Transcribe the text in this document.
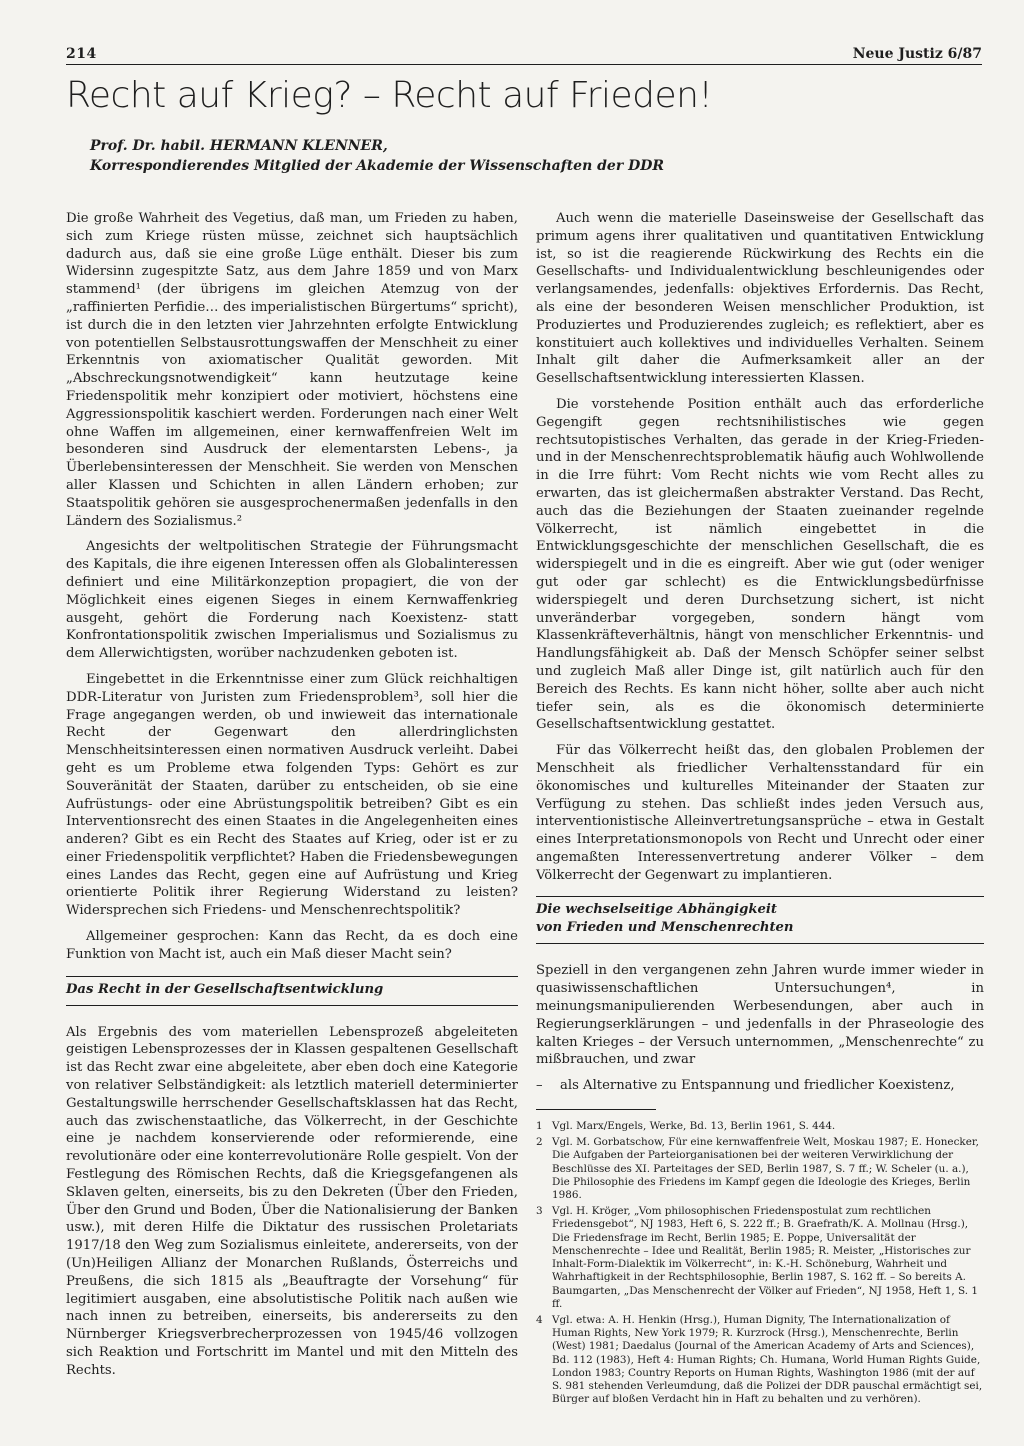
214	Neue Justiz 6/87
Recht auf Krieg? – Recht auf Frieden!
Prof. Dr. habil. HERMANN KLENNER,
Korrespondierendes Mitglied der Akademie der Wissenschaften der DDR

Die große Wahrheit des Vegetius, daß man, um Frieden zu haben, sich zum Kriege rüsten müsse, zeichnet sich hauptsächlich dadurch aus, daß sie eine große Lüge enthält. Dieser bis zum Widersinn zugespitzte Satz, aus dem Jahre 1859 und von Marx stammend¹ (der übrigens im gleichen Atemzug von der „raffinierten Perfidie… des imperialistischen Bürgertums“ spricht), ist durch die in den letzten vier Jahrzehnten erfolgte Entwicklung von potentiellen Selbstausrottungswaffen der Menschheit zu einer Erkenntnis von axiomatischer Qualität geworden. Mit „Abschreckungsnotwendigkeit“ kann heutzutage keine Friedenspolitik mehr konzipiert oder motiviert, höchstens eine Aggressionspolitik kaschiert werden. Forderungen nach einer Welt ohne Waffen im allgemeinen, einer kernwaffenfreien Welt im besonderen sind Ausdruck der elementarsten Lebens-, ja Überlebensinteressen der Menschheit. Sie werden von Menschen aller Klassen und Schichten in allen Ländern erhoben; zur Staatspolitik gehören sie ausgesprochenermaßen jedenfalls in den Ländern des Sozialismus.²

Angesichts der weltpolitischen Strategie der Führungsmacht des Kapitals, die ihre eigenen Interessen offen als Globalinteressen definiert und eine Militärkonzeption propagiert, die von der Möglichkeit eines eigenen Sieges in einem Kernwaffenkrieg ausgeht, gehört die Forderung nach Koexistenz- statt Konfrontationspolitik zwischen Imperialismus und Sozialismus zu dem Allerwichtigsten, worüber nachzudenken geboten ist.

Eingebettet in die Erkenntnisse einer zum Glück reichhaltigen DDR-Literatur von Juristen zum Friedensproblem³, soll hier die Frage angegangen werden, ob und inwieweit das internationale Recht der Gegenwart den allerdringlichsten Menschheitsinteressen einen normativen Ausdruck verleiht. Dabei geht es um Probleme etwa folgenden Typs: Gehört es zur Souveränität der Staaten, darüber zu entscheiden, ob sie eine Aufrüstungs- oder eine Abrüstungspolitik betreiben? Gibt es ein Interventionsrecht des einen Staates in die Angelegenheiten eines anderen? Gibt es ein Recht des Staates auf Krieg, oder ist er zu einer Friedenspolitik verpflichtet? Haben die Friedensbewegungen eines Landes das Recht, gegen eine auf Aufrüstung und Krieg orientierte Politik ihrer Regierung Widerstand zu leisten? Widersprechen sich Friedens- und Menschenrechtspolitik?

Allgemeiner gesprochen: Kann das Recht, da es doch eine Funktion von Macht ist, auch ein Maß dieser Macht sein?

Das Recht in der Gesellschaftsentwicklung

Als Ergebnis des vom materiellen Lebensprozeß abgeleiteten geistigen Lebensprozesses der in Klassen gespaltenen Gesellschaft ist das Recht zwar eine abgeleitete, aber eben doch eine Kategorie von relativer Selbständigkeit: als letztlich materiell determinierter Gestaltungswille herrschender Gesellschaftsklassen hat das Recht, auch das zwischenstaatliche, das Völkerrecht, in der Geschichte eine je nachdem konservierende oder reformierende, eine revolutionäre oder eine konterrevolutionäre Rolle gespielt. Von der Festlegung des Römischen Rechts, daß die Kriegsgefangenen als Sklaven gelten, einerseits, bis zu den Dekreten (Über den Frieden, Über den Grund und Boden, Über die Nationalisierung der Banken usw.), mit deren Hilfe die Diktatur des russischen Proletariats 1917/18 den Weg zum Sozialismus einleitete, andererseits, von der (Un)Heiligen Allianz der Monarchen Rußlands, Österreichs und Preußens, die sich 1815 als „Beauftragte der Vorsehung“ für legitimiert ausgaben, eine absolutistische Politik nach außen wie nach innen zu betreiben, einerseits, bis andererseits zu den Nürnberger Kriegsverbrecherprozessen von 1945/46 vollzogen sich Reaktion und Fortschritt im Mantel und mit den Mitteln des Rechts.

Auch wenn die materielle Daseinsweise der Gesellschaft das primum agens ihrer qualitativen und quantitativen Entwicklung ist, so ist die reagierende Rückwirkung des Rechts ein die Gesellschafts- und Individualentwicklung beschleunigendes oder verlangsamendes, jedenfalls: objektives Erfordernis. Das Recht, als eine der besonderen Weisen menschlicher Produktion, ist Produziertes und Produzierendes zugleich; es reflektiert, aber es konstituiert auch kollektives und individuelles Verhalten. Seinem Inhalt gilt daher die Aufmerksamkeit aller an der Gesellschaftsentwicklung interessierten Klassen.

Die vorstehende Position enthält auch das erforderliche Gegengift gegen rechtsnihilistisches wie gegen rechtsutopistisches Verhalten, das gerade in der Krieg-Frieden- und in der Menschenrechtsproblematik häufig auch Wohlwollende in die Irre führt: Vom Recht nichts wie vom Recht alles zu erwarten, das ist gleichermaßen abstrakter Verstand. Das Recht, auch das die Beziehungen der Staaten zueinander regelnde Völkerrecht, ist nämlich eingebettet in die Entwicklungsgeschichte der menschlichen Gesellschaft, die es widerspiegelt und in die es eingreift. Aber wie gut (oder weniger gut oder gar schlecht) es die Entwicklungsbedürfnisse widerspiegelt und deren Durchsetzung sichert, ist nicht unveränderbar vorgegeben, sondern hängt vom Klassenkräfteverhältnis, hängt von menschlicher Erkenntnis- und Handlungsfähigkeit ab. Daß der Mensch Schöpfer seiner selbst und zugleich Maß aller Dinge ist, gilt natürlich auch für den Bereich des Rechts. Es kann nicht höher, sollte aber auch nicht tiefer sein, als es die ökonomisch determinierte Gesellschaftsentwicklung gestattet.

Für das Völkerrecht heißt das, den globalen Problemen der Menschheit als friedlicher Verhaltensstandard für ein ökonomisches und kulturelles Miteinander der Staaten zur Verfügung zu stehen. Das schließt indes jeden Versuch aus, interventionistische Alleinvertretungsansprüche – etwa in Gestalt eines Interpretationsmonopols von Recht und Unrecht oder einer angemaßten Interessenvertretung anderer Völker – dem Völkerrecht der Gegenwart zu implantieren.

Die wechselseitige Abhängigkeit
von Frieden und Menschenrechten

Speziell in den vergangenen zehn Jahren wurde immer wieder in quasiwissenschaftlichen Untersuchungen⁴, in meinungsmanipulierenden Werbesendungen, aber auch in Regierungserklärungen – und jedenfalls in der Phraseologie des kalten Krieges – der Versuch unternommen, „Menschenrechte“ zu mißbrauchen, und zwar

– als Alternative zu Entspannung und friedlicher Koexistenz,
1 Vgl. Marx/Engels, Werke, Bd. 13, Berlin 1961, S. 444.
2 Vgl. M. Gorbatschow, Für eine kernwaffenfreie Welt, Moskau 1987; E. Honecker, Die Aufgaben der Parteiorganisationen bei der weiteren Verwirklichung der Beschlüsse des XI. Parteitages der SED, Berlin 1987, S. 7 ff.; W. Scheler (u. a.), Die Philosophie des Friedens im Kampf gegen die Ideologie des Krieges, Berlin 1986.
3 Vgl. H. Kröger, „Vom philosophischen Friedenspostulat zum rechtlichen Friedensgebot“, NJ 1983, Heft 6, S. 222 ff.; B. Graefrath/K. A. Mollnau (Hrsg.), Die Friedensfrage im Recht, Berlin 1985; E. Poppe, Universalität der Menschenrechte – Idee und Realität, Berlin 1985; R. Meister, „Historisches zur Inhalt-Form-Dialektik im Völkerrecht“, in: K.-H. Schöneburg, Wahrheit und Wahrhaftigkeit in der Rechtsphilosophie, Berlin 1987, S. 162 ff. – So bereits A. Baumgarten, „Das Menschenrecht der Völker auf Frieden“, NJ 1958, Heft 1, S. 1 ff.
4 Vgl. etwa: A. H. Henkin (Hrsg.), Human Dignity, The Internationalization of Human Rights, New York 1979; R. Kurzrock (Hrsg.), Menschenrechte, Berlin (West) 1981; Daedalus (Journal of the American Academy of Arts and Sciences), Bd. 112 (1983), Heft 4: Human Rights; Ch. Humana, World Human Rights Guide, London 1983; Country Reports on Human Rights, Washington 1986 (mit der auf S. 981 stehenden Verleumdung, daß die Polizei der DDR pauschal ermächtigt sei, Bürger auf bloßen Verdacht hin in Haft zu behalten und zu verhören).
